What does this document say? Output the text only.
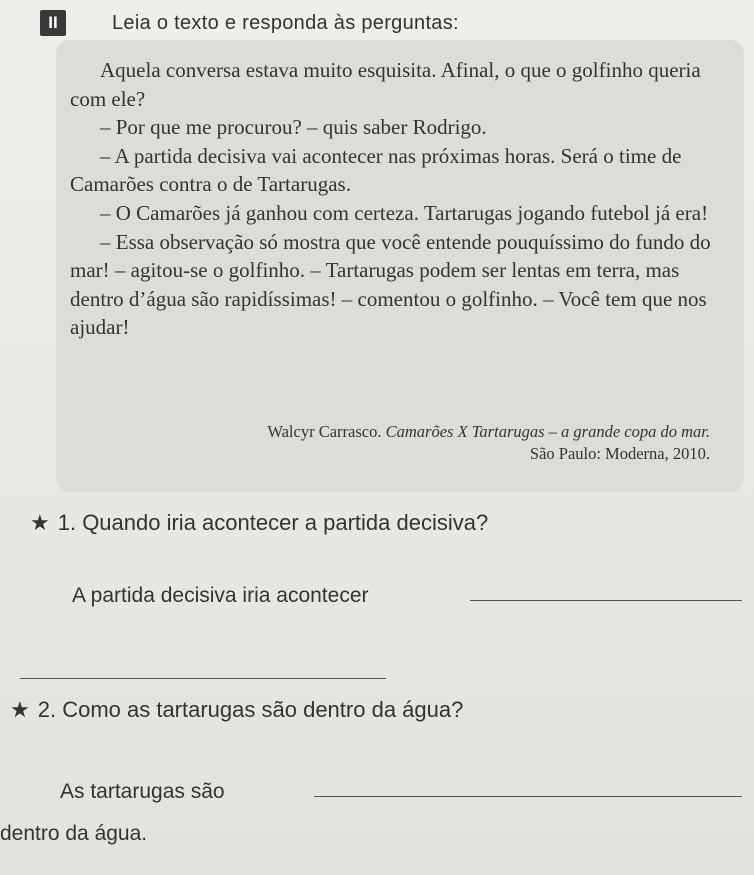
II	Leia o texto e responda às perguntas:

Aquela conversa estava muito esquisita. Afinal, o que o golfinho queria com ele?

– Por que me procurou? – quis saber Rodrigo.

– A partida decisiva vai acontecer nas próximas horas. Será o time de Camarões contra o de Tartarugas.

– O Camarões já ganhou com certeza. Tartarugas jogando futebol já era!

– Essa observação só mostra que você entende pouquíssimo do fundo do mar! – agitou-se o golfinho. – Tartarugas podem ser lentas em terra, mas dentro d’água são rapidíssimas! – comentou o golfinho. – Você tem que nos ajudar!

Walcyr Carrasco. Camarões X Tartarugas – a grande copa do mar.
São Paulo: Moderna, 2010.
★ 1. Quando iria acontecer a partida decisiva?
A partida decisiva iria acontecer
★ 2. Como as tartarugas são dentro da água?
As tartarugas são
dentro da água.
